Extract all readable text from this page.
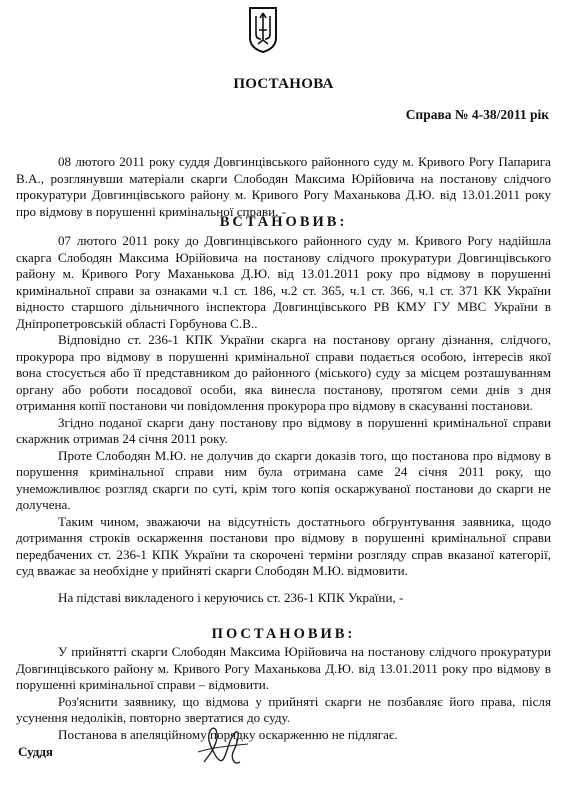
ПОСТАНОВА
Справа № 4-38/2011 рік

08 лютого 2011 року суддя Довгинцівського районного суду м. Кривого Рогу Папарига В.А., розглянувши матеріали скарги Слободян Максима Юрійовича на постанову слідчого прокуратури Довгинцівського району м. Кривого Рогу Маханькова Д.Ю. від 13.01.2011 року про відмову в порушенні кримінальної справи, -

ВСТАНОВИВ:

07 лютого 2011 року до Довгинцівського районного суду м. Кривого Рогу надійшла скарга Слободян Максима Юрійовича на постанову слідчого прокуратури Довгинцівського району м. Кривого Рогу Маханькова Д.Ю. від 13.01.2011 року про відмову в порушенні кримінальної справи за ознаками ч.1 ст. 186, ч.2 ст. 365, ч.1 ст. 366, ч.1 ст. 371 КК України відносто старшого дільничного інспектора Довгинцівського РВ КМУ ГУ МВС України в Дніпропетровській області Горбунова С.В..

Відповідно ст. 236-1 КПК України скарга на постанову органу дізнання, слідчого, прокурора про відмову в порушенні кримінальної справи подається особою, інтересів якої вона стосується або її представником до районного (міського) суду за місцем розташуванням органу або роботи посадової особи, яка винесла постанову, протягом семи днів з дня отримання копії постанови чи повідомлення прокурора про відмову в скасуванні постанови.

Згідно поданої скарги дану постанову про відмову в порушенні кримінальної справи скаржник отримав 24 січня 2011 року.

Проте Слободян М.Ю. не долучив до скарги доказів того, що постанова про відмову в порушення кримінальної справи ним була отримана саме 24 січня 2011 року, що унеможливлює розгляд скарги по суті, крім того копія оскаржуваної постанови до скарги не долучена.

Таким чином, зважаючи на відсутність достатнього обгрунтування заявника, щодо дотримання строків оскарження постанови про відмову в порушенні кримінальної справи передбачених ст. 236-1 КПК України та скорочені терміни розгляду справ вказаної категорії, суд вважає за необхідне у прийняті скарги Слободян М.Ю. відмовити.

На підставі викладеного і керуючись ст. 236-1 КПК України, -

ПОСТАНОВИВ:

У прийнятті скарги Слободян Максима Юрійовича на постанову слідчого прокуратури Довгинцівського району м. Кривого Рогу Маханькова Д.Ю. від 13.01.2011 року про відмову в порушенні кримінальної справи – відмовити.

Роз'яснити заявнику, що відмова у прийняті скарги не позбавляє його права, після усунення недоліків, повторно звертатися до суду.

Постанова в апеляційному порядку оскарженню не підлягає.

Суддя
